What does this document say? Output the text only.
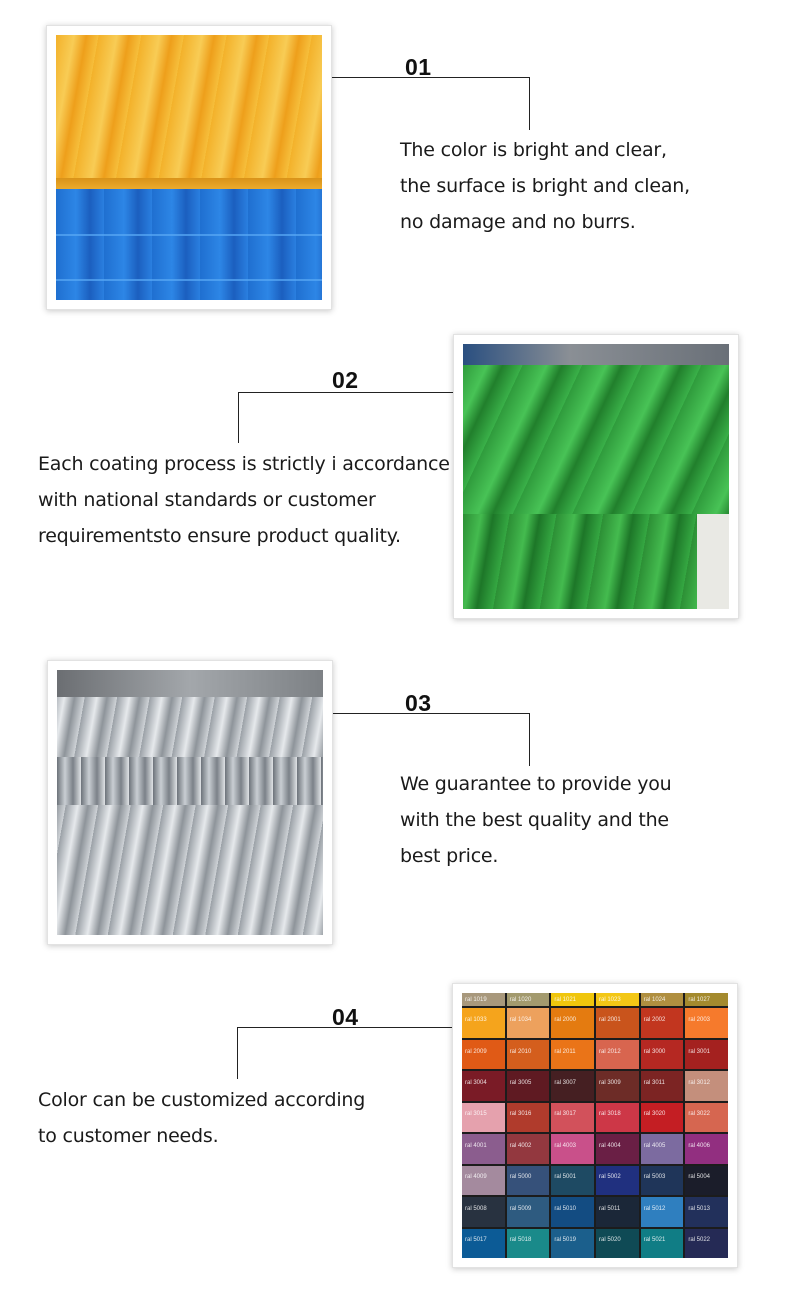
01
The color is bright and clear,
the surface is bright and clean,
no damage and no burrs.
02
Each coating process is strictly i accordance
with national standards or customer
requirementsto ensure product quality.
03
We guarantee to provide you
with the best quality and the
best price.
ral 1019	ral 1020	ral 1021	ral 1023	ral 1024	ral 1027
ral 1033	ral 1034	ral 2000	ral 2001	ral 2002	ral 2003
ral 2009	ral 2010	ral 2011	ral 2012	ral 3000	ral 3001
ral 3004	ral 3005	ral 3007	ral 3009	ral 3011	ral 3012
ral 3015	ral 3016	ral 3017	ral 3018	ral 3020	ral 3022
ral 4001	ral 4002	ral 4003	ral 4004	ral 4005	ral 4006
ral 4009	ral 5000	ral 5001	ral 5002	ral 5003	ral 5004
ral 5008	ral 5009	ral 5010	ral 5011	ral 5012	ral 5013
ral 5017	ral 5018	ral 5019	ral 5020	ral 5021	ral 5022
04
Color can be customized according
to customer needs.
